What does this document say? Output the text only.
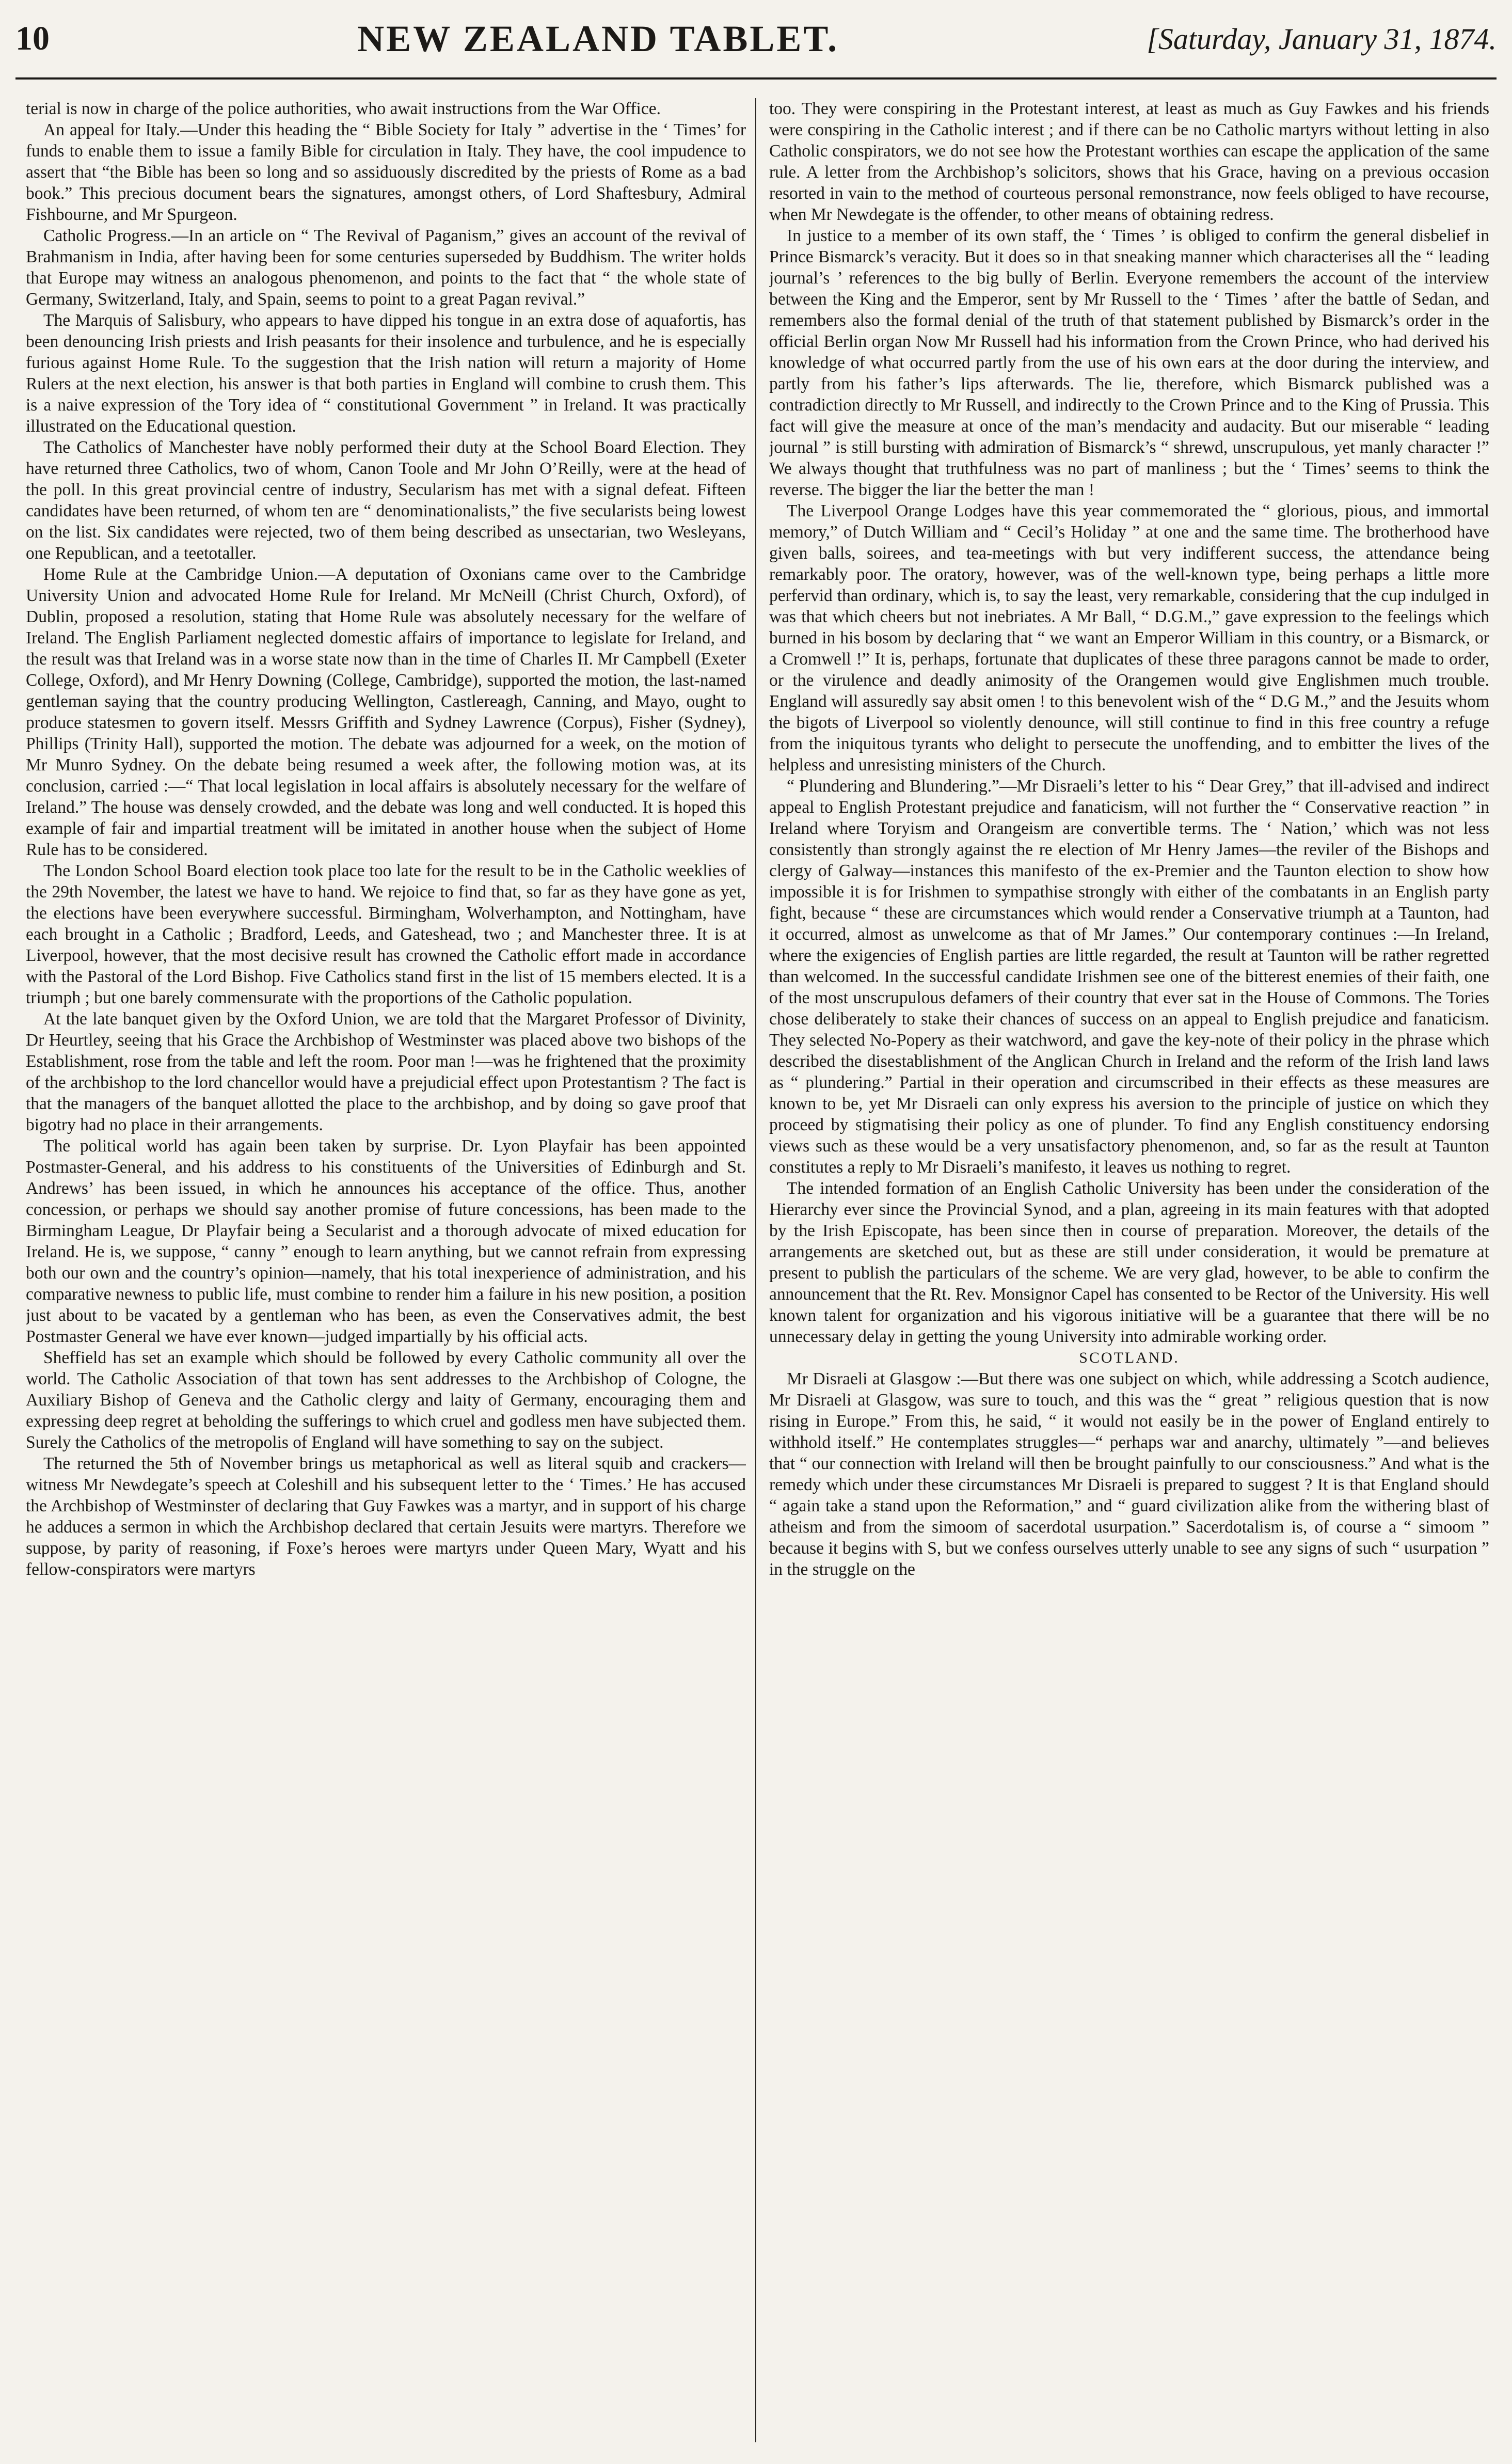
10	NEW ZEALAND TABLET.	[Saturday, January 31, 1874.

terial is now in charge of the police authorities, who await instructions from the War Office.

An appeal for Italy.—Under this heading the “ Bible Society for Italy ” advertise in the ‘ Times’ for funds to enable them to issue a family Bible for circulation in Italy. They have, the cool impudence to assert that “the Bible has been so long and so assiduously discredited by the priests of Rome as a bad book.” This precious document bears the signatures, amongst others, of Lord Shaftesbury, Admiral Fishbourne, and Mr Spurgeon.

Catholic Progress.—In an article on “ The Revival of Paganism,” gives an account of the revival of Brahmanism in India, after having been for some centuries superseded by Buddhism. The writer holds that Europe may witness an analogous phenomenon, and points to the fact that “ the whole state of Germany, Switzerland, Italy, and Spain, seems to point to a great Pagan revival.”

The Marquis of Salisbury, who appears to have dipped his tongue in an extra dose of aquafortis, has been denouncing Irish priests and Irish peasants for their insolence and turbulence, and he is especially furious against Home Rule. To the suggestion that the Irish nation will return a majority of Home Rulers at the next election, his answer is that both parties in England will combine to crush them. This is a naive expression of the Tory idea of “ constitutional Government ” in Ireland. It was practically illustrated on the Educational question.

The Catholics of Manchester have nobly performed their duty at the School Board Election. They have returned three Catholics, two of whom, Canon Toole and Mr John O’Reilly, were at the head of the poll. In this great provincial centre of industry, Secularism has met with a signal defeat. Fifteen candidates have been returned, of whom ten are “ denominationalists,” the five secularists being lowest on the list. Six candidates were rejected, two of them being described as unsectarian, two Wesleyans, one Republican, and a teetotaller.

Home Rule at the Cambridge Union.—A deputation of Oxonians came over to the Cambridge University Union and advocated Home Rule for Ireland. Mr McNeill (Christ Church, Oxford), of Dublin, proposed a resolution, stating that Home Rule was absolutely necessary for the welfare of Ireland. The English Parliament neglected domestic affairs of importance to legislate for Ireland, and the result was that Ireland was in a worse state now than in the time of Charles II. Mr Campbell (Exeter College, Oxford), and Mr Henry Downing (College, Cambridge), supported the motion, the last-named gentleman saying that the country producing Wellington, Castlereagh, Canning, and Mayo, ought to produce statesmen to govern itself. Messrs Griffith and Sydney Lawrence (Corpus), Fisher (Sydney), Phillips (Trinity Hall), supported the motion. The debate was adjourned for a week, on the motion of Mr Munro Sydney. On the debate being resumed a week after, the following motion was, at its conclusion, carried :—“ That local legislation in local affairs is absolutely necessary for the welfare of Ireland.” The house was densely crowded, and the debate was long and well conducted. It is hoped this example of fair and impartial treatment will be imitated in another house when the subject of Home Rule has to be considered.

The London School Board election took place too late for the result to be in the Catholic weeklies of the 29th November, the latest we have to hand. We rejoice to find that, so far as they have gone as yet, the elections have been everywhere successful. Birmingham, Wolverhampton, and Nottingham, have each brought in a Catholic ; Bradford, Leeds, and Gateshead, two ; and Manchester three. It is at Liverpool, however, that the most decisive result has crowned the Catholic effort made in accordance with the Pastoral of the Lord Bishop. Five Catholics stand first in the list of 15 members elected. It is a triumph ; but one barely commensurate with the proportions of the Catholic population.

At the late banquet given by the Oxford Union, we are told that the Margaret Professor of Divinity, Dr Heurtley, seeing that his Grace the Archbishop of Westminster was placed above two bishops of the Establishment, rose from the table and left the room. Poor man !—was he frightened that the proximity of the archbishop to the lord chancellor would have a prejudicial effect upon Protestantism ? The fact is that the managers of the banquet allotted the place to the archbishop, and by doing so gave proof that bigotry had no place in their arrangements.

The political world has again been taken by surprise. Dr. Lyon Playfair has been appointed Postmaster-General, and his address to his constituents of the Universities of Edinburgh and St. Andrews’ has been issued, in which he announces his acceptance of the office. Thus, another concession, or perhaps we should say another promise of future concessions, has been made to the Birmingham League, Dr Playfair being a Secularist and a thorough advocate of mixed education for Ireland. He is, we suppose, “ canny ” enough to learn anything, but we cannot refrain from expressing both our own and the country’s opinion—namely, that his total inexperience of administration, and his comparative newness to public life, must combine to render him a failure in his new position, a position just about to be vacated by a gentleman who has been, as even the Conservatives admit, the best Postmaster General we have ever known—judged impartially by his official acts.

Sheffield has set an example which should be followed by every Catholic community all over the world. The Catholic Association of that town has sent addresses to the Archbishop of Cologne, the Auxiliary Bishop of Geneva and the Catholic clergy and laity of Germany, encouraging them and expressing deep regret at beholding the sufferings to which cruel and godless men have subjected them. Surely the Catholics of the metropolis of England will have something to say on the subject.

The returned the 5th of November brings us metaphorical as well as literal squib and crackers—witness Mr Newdegate’s speech at Coleshill and his subsequent letter to the ‘ Times.’ He has accused the Archbishop of Westminster of declaring that Guy Fawkes was a martyr, and in support of his charge he adduces a sermon in which the Archbishop declared that certain Jesuits were martyrs. Therefore we suppose, by parity of reasoning, if Foxe’s heroes were martyrs under Queen Mary, Wyatt and his fellow-conspirators were martyrs

too. They were conspiring in the Protestant interest, at least as much as Guy Fawkes and his friends were conspiring in the Catholic interest ; and if there can be no Catholic martyrs without letting in also Catholic conspirators, we do not see how the Protestant worthies can escape the application of the same rule. A letter from the Archbishop’s solicitors, shows that his Grace, having on a previous occasion resorted in vain to the method of courteous personal remonstrance, now feels obliged to have recourse, when Mr Newdegate is the offender, to other means of obtaining redress.

In justice to a member of its own staff, the ‘ Times ’ is obliged to confirm the general disbelief in Prince Bismarck’s veracity. But it does so in that sneaking manner which characterises all the “ leading journal’s ’ references to the big bully of Berlin. Everyone remembers the account of the interview between the King and the Emperor, sent by Mr Russell to the ‘ Times ’ after the battle of Sedan, and remembers also the formal denial of the truth of that statement published by Bismarck’s order in the official Berlin organ Now Mr Russell had his information from the Crown Prince, who had derived his knowledge of what occurred partly from the use of his own ears at the door during the interview, and partly from his father’s lips afterwards. The lie, therefore, which Bismarck published was a contradiction directly to Mr Russell, and indirectly to the Crown Prince and to the King of Prussia. This fact will give the measure at once of the man’s mendacity and audacity. But our miserable “ leading journal ” is still bursting with admiration of Bismarck’s “ shrewd, unscrupulous, yet manly character !” We always thought that truthfulness was no part of manliness ; but the ‘ Times’ seems to think the reverse. The bigger the liar the better the man !

The Liverpool Orange Lodges have this year commemorated the “ glorious, pious, and immortal memory,” of Dutch William and “ Cecil’s Holiday ” at one and the same time. The brotherhood have given balls, soirees, and tea-meetings with but very indifferent success, the attendance being remarkably poor. The oratory, however, was of the well-known type, being perhaps a little more perfervid than ordinary, which is, to say the least, very remarkable, considering that the cup indulged in was that which cheers but not inebriates. A Mr Ball, “ D.G.M.,” gave expression to the feelings which burned in his bosom by declaring that “ we want an Emperor William in this country, or a Bismarck, or a Cromwell !” It is, perhaps, fortunate that duplicates of these three paragons cannot be made to order, or the virulence and deadly animosity of the Orangemen would give Englishmen much trouble. England will assuredly say absit omen ! to this benevolent wish of the “ D.G M.,” and the Jesuits whom the bigots of Liverpool so violently denounce, will still continue to find in this free country a refuge from the iniquitous tyrants who delight to persecute the unoffending, and to embitter the lives of the helpless and unresisting ministers of the Church.

“ Plundering and Blundering.”—Mr Disraeli’s letter to his “ Dear Grey,” that ill-advised and indirect appeal to English Protestant prejudice and fanaticism, will not further the “ Conservative reaction ” in Ireland where Toryism and Orangeism are convertible terms. The ‘ Nation,’ which was not less consistently than strongly against the re election of Mr Henry James—the reviler of the Bishops and clergy of Galway—instances this manifesto of the ex-Premier and the Taunton election to show how impossible it is for Irishmen to sympathise strongly with either of the combatants in an English party fight, because “ these are circumstances which would render a Conservative triumph at a Taunton, had it occurred, almost as unwelcome as that of Mr James.” Our contemporary continues :—In Ireland, where the exigencies of English parties are little regarded, the result at Taunton will be rather regretted than welcomed. In the successful candidate Irishmen see one of the bitterest enemies of their faith, one of the most unscrupulous defamers of their country that ever sat in the House of Commons. The Tories chose deliberately to stake their chances of success on an appeal to English prejudice and fanaticism. They selected No-Popery as their watchword, and gave the key-note of their policy in the phrase which described the disestablishment of the Anglican Church in Ireland and the reform of the Irish land laws as “ plundering.” Partial in their operation and circumscribed in their effects as these measures are known to be, yet Mr Disraeli can only express his aversion to the principle of justice on which they proceed by stigmatising their policy as one of plunder. To find any English constituency endorsing views such as these would be a very unsatisfactory phenomenon, and, so far as the result at Taunton constitutes a reply to Mr Disraeli’s manifesto, it leaves us nothing to regret.

The intended formation of an English Catholic University has been under the consideration of the Hierarchy ever since the Provincial Synod, and a plan, agreeing in its main features with that adopted by the Irish Episcopate, has been since then in course of preparation. Moreover, the details of the arrangements are sketched out, but as these are still under consideration, it would be premature at present to publish the particulars of the scheme. We are very glad, however, to be able to confirm the announcement that the Rt. Rev. Monsignor Capel has consented to be Rector of the University. His well known talent for organization and his vigorous initiative will be a guarantee that there will be no unnecessary delay in getting the young University into admirable working order.

SCOTLAND.

Mr Disraeli at Glasgow :—But there was one subject on which, while addressing a Scotch audience, Mr Disraeli at Glasgow, was sure to touch, and this was the “ great ” religious question that is now rising in Europe.” From this, he said, “ it would not easily be in the power of England entirely to withhold itself.” He contemplates struggles—“ perhaps war and anarchy, ultimately ”—and believes that “ our connection with Ireland will then be brought painfully to our consciousness.” And what is the remedy which under these circumstances Mr Disraeli is prepared to suggest ? It is that England should “ again take a stand upon the Reformation,” and “ guard civilization alike from the withering blast of atheism and from the simoom of sacerdotal usurpation.” Sacerdotalism is, of course a “ simoom ” because it begins with S, but we confess ourselves utterly unable to see any signs of such “ usurpation ” in the struggle on the
